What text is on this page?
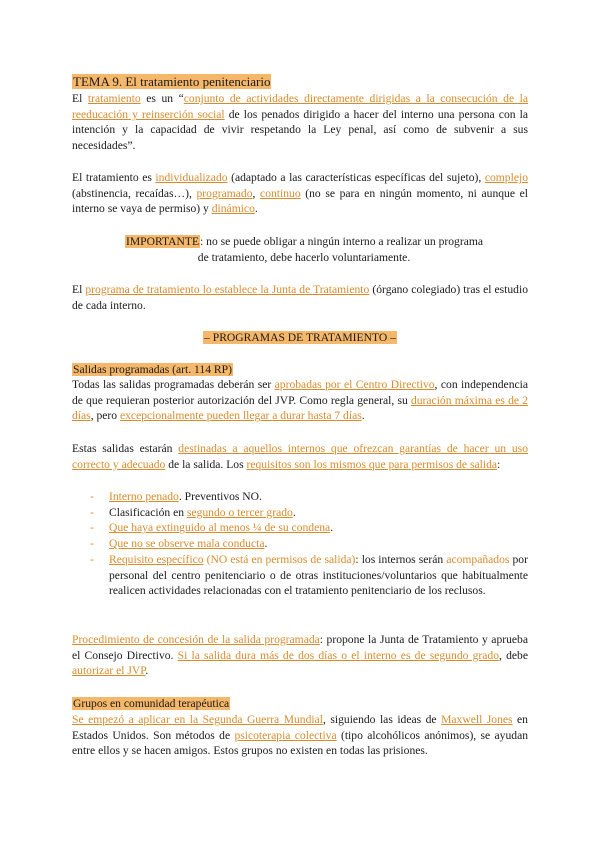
TEMA 9. El tratamiento penitenciario

El tratamiento es un “conjunto de actividades directamente dirigidas a la consecución de la reeducación y reinserción social de los penados dirigido a hacer del interno una persona con la intención y la capacidad de vivir respetando la Ley penal, así como de subvenir a sus necesidades”.

El tratamiento es individualizado (adaptado a las características específicas del sujeto), complejo (abstinencia, recaídas…), programado, continuo (no se para en ningún momento, ni aunque el interno se vaya de permiso) y dinámico.

IMPORTANTE: no se puede obligar a ningún interno a realizar un programa
de tratamiento, debe hacerlo voluntariamente.

El programa de tratamiento lo establece la Junta de Tratamiento (órgano colegiado) tras el estudio de cada interno.

– PROGRAMAS DE TRATAMIENTO –
Salidas programadas (art. 114 RP)

Todas las salidas programadas deberán ser aprobadas por el Centro Directivo, con independencia de que requieran posterior autorización del JVP. Como regla general, su duración máxima es de 2 días, pero excepcionalmente pueden llegar a durar hasta 7 días.

Estas salidas estarán destinadas a aquellos internos que ofrezcan garantías de hacer un uso correcto y adecuado de la salida. Los requisitos son los mismos que para permisos de salida:

- Interno penado. Preventivos NO.
- Clasificación en segundo o tercer grado.
- Que haya extinguido al menos ¼ de su condena.
- Que no se observe mala conducta.
- Requisito específico (NO está en permisos de salida): los internos serán acompañados por personal del centro penitenciario o de otras instituciones/voluntarios que habitualmente realicen actividades relacionadas con el tratamiento penitenciario de los reclusos.

Procedimiento de concesión de la salida programada: propone la Junta de Tratamiento y aprueba el Consejo Directivo. Si la salida dura más de dos días o el interno es de segundo grado, debe autorizar el JVP.

Grupos en comunidad terapéutica

Se empezó a aplicar en la Segunda Guerra Mundial, siguiendo las ideas de Maxwell Jones en Estados Unidos. Son métodos de psicoterapia colectiva (tipo alcohólicos anónimos), se ayudan entre ellos y se hacen amigos. Estos grupos no existen en todas las prisiones.
